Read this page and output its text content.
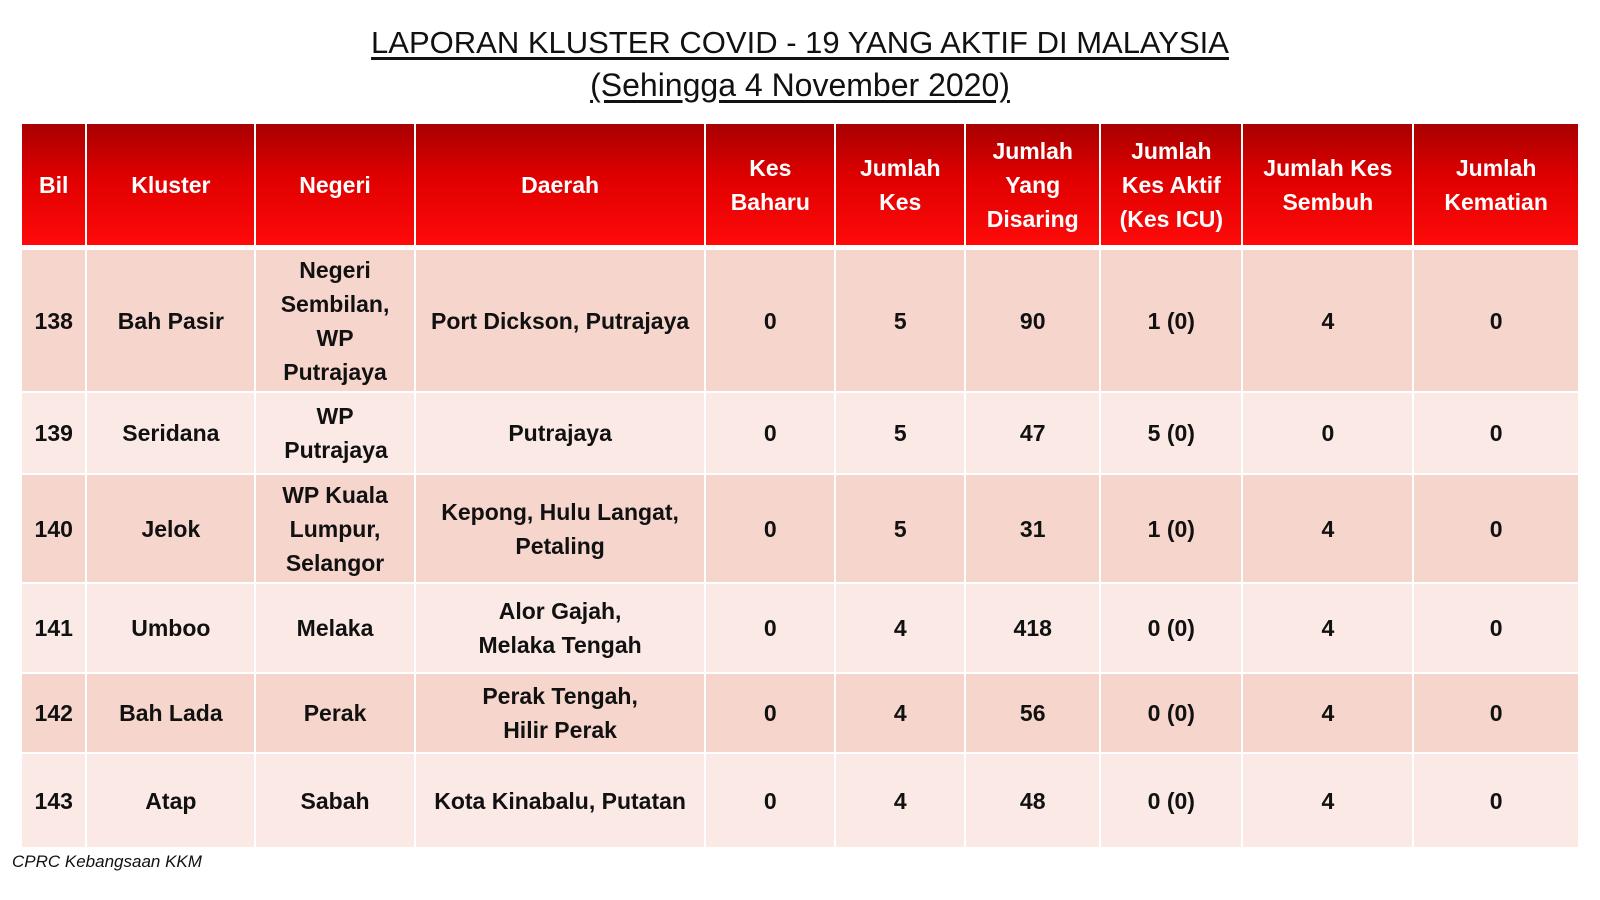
LAPORAN KLUSTER COVID - 19 YANG AKTIF DI MALAYSIA
(Sehingga 4 November 2020)
Bil	Kluster	Negeri	Daerah	Kes Baharu	Jumlah Kes	Jumlah Yang Disaring	Jumlah Kes Aktif (Kes ICU)	Jumlah Kes Sembuh	Jumlah Kematian
138	Bah Pasir	Negeri Sembilan, WP Putrajaya	Port Dickson, Putrajaya	0	5	90	1 (0)	4	0
139	Seridana	WP Putrajaya	Putrajaya	0	5	47	5 (0)	0	0
140	Jelok	WP Kuala Lumpur, Selangor	Kepong, Hulu Langat, Petaling	0	5	31	1 (0)	4	0
141	Umboo	Melaka	Alor Gajah, Melaka Tengah	0	4	418	0 (0)	4	0
142	Bah Lada	Perak	Perak Tengah, Hilir Perak	0	4	56	0 (0)	4	0
143	Atap	Sabah	Kota Kinabalu, Putatan	0	4	48	0 (0)	4	0
CPRC Kebangsaan KKM
